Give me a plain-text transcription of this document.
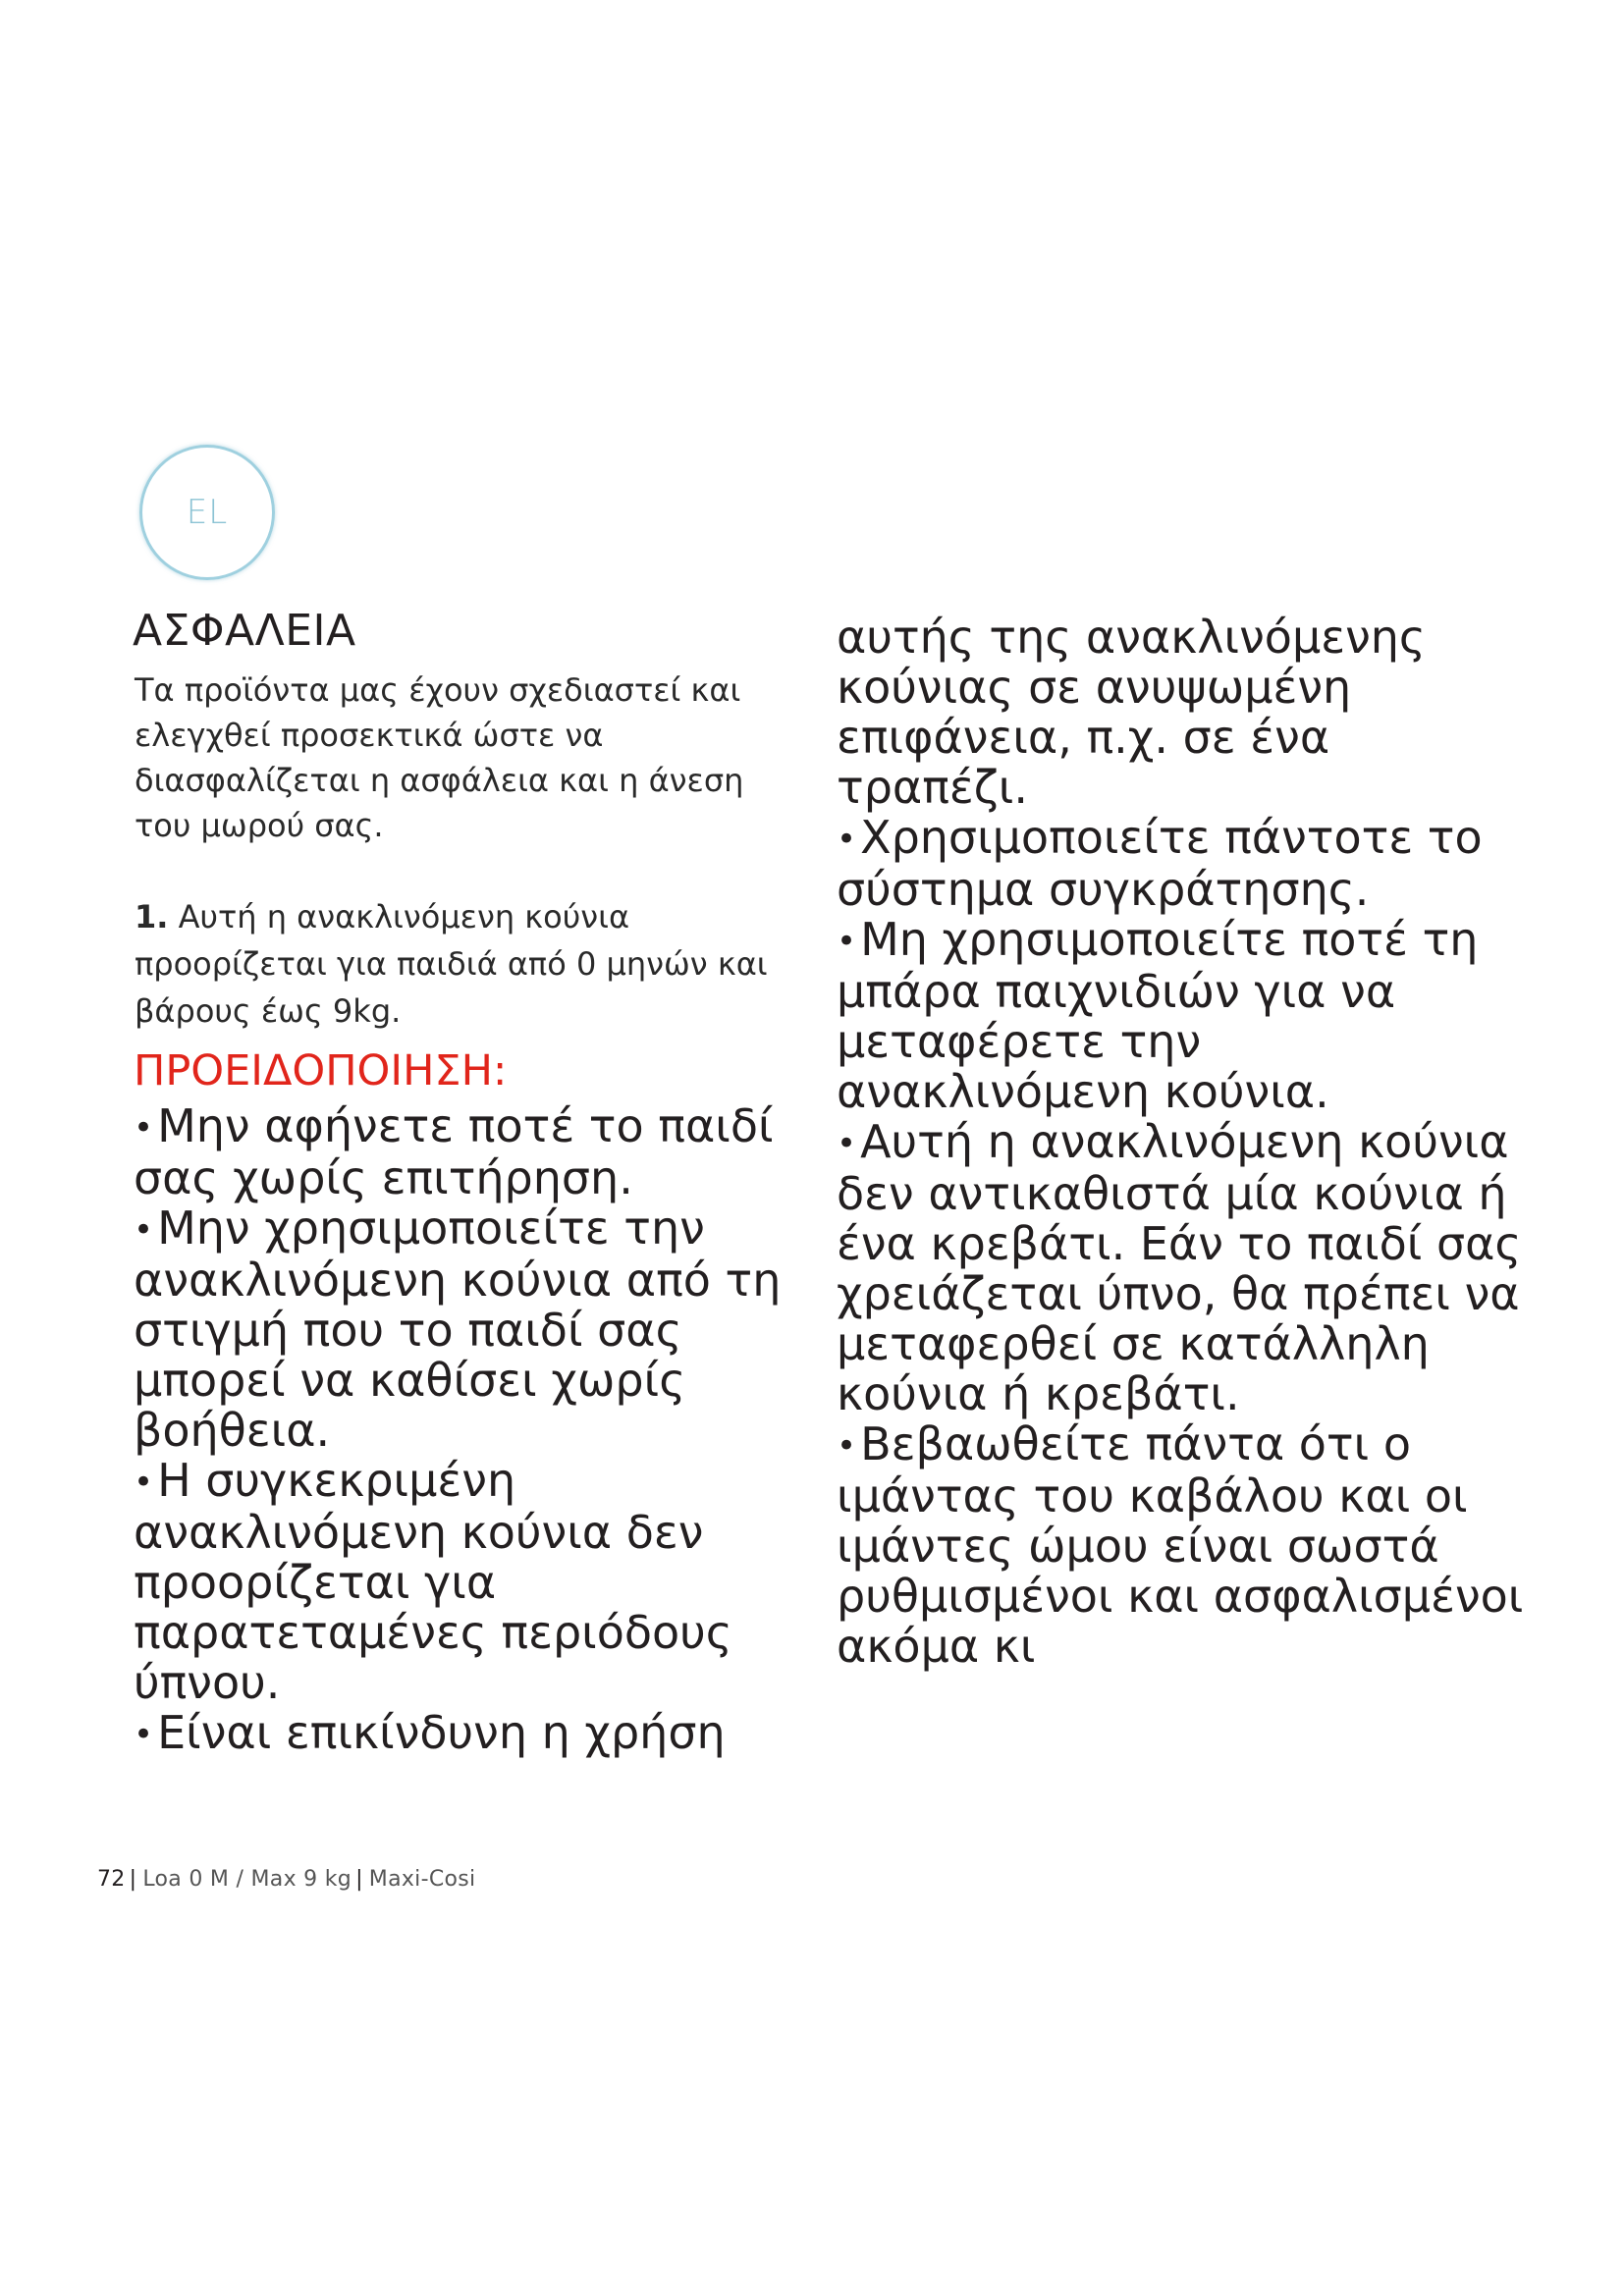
EL
ΑΣΦΑΛΕΙΑ

Τα προϊόντα μας έχουν σχεδιαστεί και ελεγχθεί προσεκτικά ώστε να διασφαλίζεται η ασφάλεια και η άνεση του μωρού σας.

1. Αυτή η ανακλινόμενη κούνια προορίζεται για παιδιά από 0 μηνών και βάρους έως 9kg.

ΠΡΟΕΙΔΟΠΟΙΗΣΗ:
•Μην αφήνετε ποτέ το παιδί σας χωρίς επιτήρηση.
•Μην χρησιμοποιείτε την ανακλινόμενη κούνια από τη στιγμή που το παιδί σας μπορεί να καθίσει χωρίς βοήθεια.
•Η συγκεκριμένη ανακλινόμενη κούνια δεν προορίζεται για παρατεταμένες περιόδους ύπνου.
•Είναι επικίνδυνη η χρήση
αυτής της ανακλινόμενης κούνιας σε ανυψωμένη επιφάνεια, π.χ. σε ένα τραπέζι.
•Χρησιμοποιείτε πάντοτε το σύστημα συγκράτησης.
•Μη χρησιμοποιείτε ποτέ τη μπάρα παιχνιδιών για να μεταφέρετε την ανακλινόμενη κούνια.
•Αυτή η ανακλινόμενη κούνια δεν αντικαθιστά μία κούνια ή ένα κρεβάτι. Εάν το παιδί σας χρειάζεται ύπνο, θα πρέπει να μεταφερθεί σε κατάλληλη κούνια ή κρεβάτι.
•Βεβαωθείτε πάντα ότι ο ιμάντας του καβάλου και οι ιμάντες ώμου είναι σωστά ρυθμισμένοι και ασφαλισμένοι ακόμα κι
72 | Loa 0 M / Max 9 kg | Maxi-Cosi
